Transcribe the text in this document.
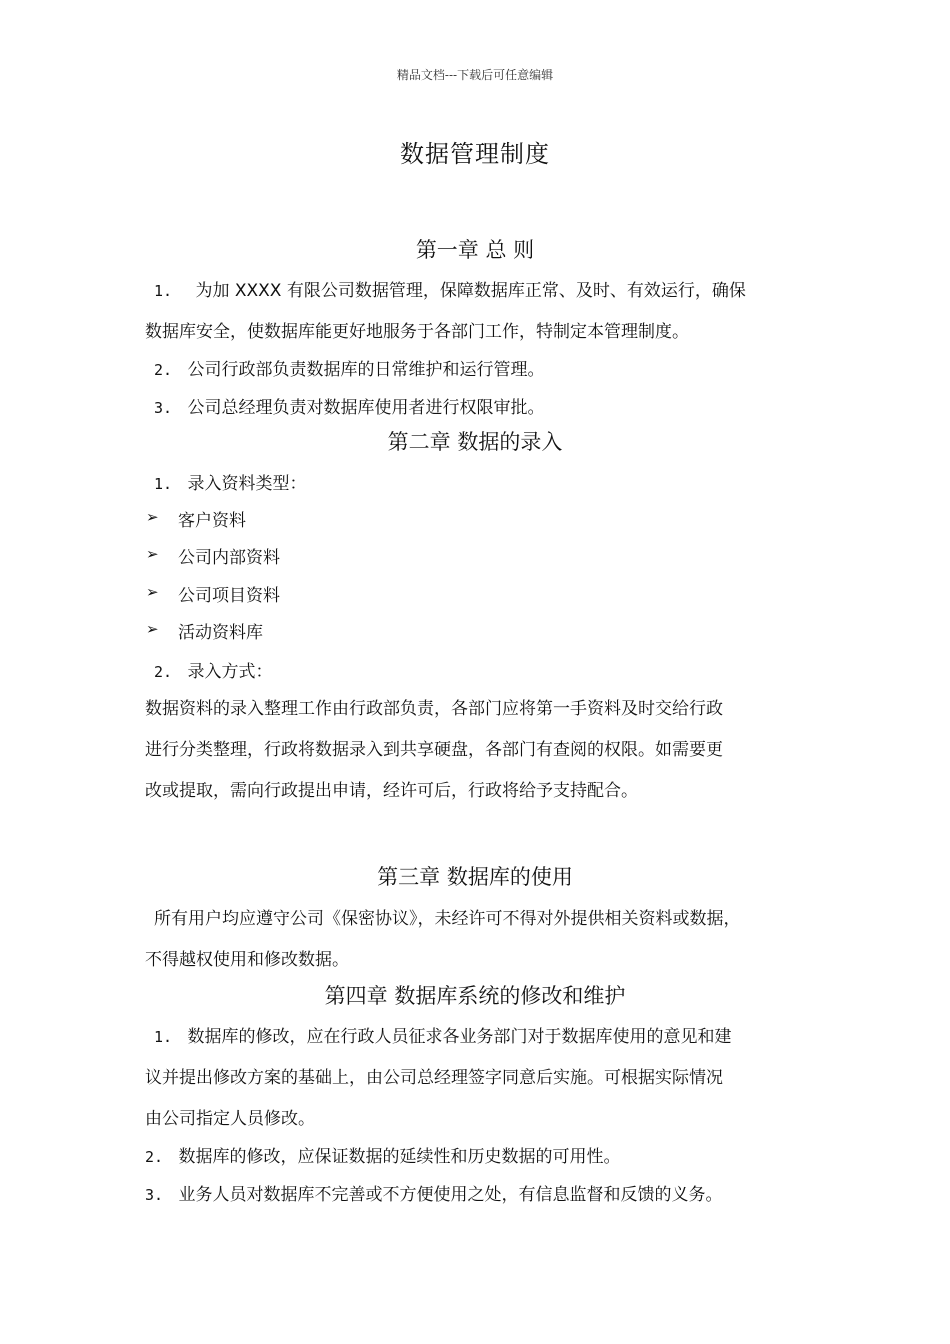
精品文档---下载后可任意编辑
数据管理制度
第一章 总 则
1. 为加 XXXX 有限公司数据管理，保障数据库正常、及时、有效运行，确保
数据库安全，使数据库能更好地服务于各部门工作，特制定本管理制度。
2. 公司行政部负责数据库的日常维护和运行管理。
3. 公司总经理负责对数据库使用者进行权限审批。
第二章 数据的录入
1. 录入资料类型：
➢ 客户资料
➢ 公司内部资料
➢ 公司项目资料
➢ 活动资料库
2. 录入方式：
数据资料的录入整理工作由行政部负责，各部门应将第一手资料及时交给行政
进行分类整理，行政将数据录入到共享硬盘，各部门有查阅的权限。如需要更
改或提取，需向行政提出申请，经许可后，行政将给予支持配合。
第三章 数据库的使用
所有用户均应遵守公司《保密协议》，未经许可不得对外提供相关资料或数据，
不得越权使用和修改数据。
第四章 数据库系统的修改和维护
1. 数据库的修改，应在行政人员征求各业务部门对于数据库使用的意见和建
议并提出修改方案的基础上，由公司总经理签字同意后实施。可根据实际情况
由公司指定人员修改。
2. 数据库的修改，应保证数据的延续性和历史数据的可用性。
3. 业务人员对数据库不完善或不方便使用之处，有信息监督和反馈的义务。
